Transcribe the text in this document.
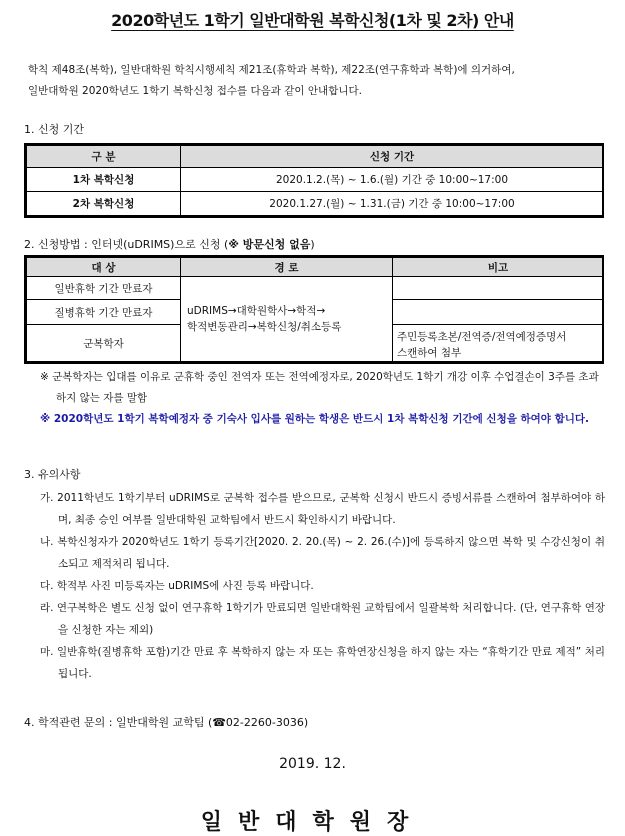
2020학년도 1학기 일반대학원 복학신청(1차 및 2차) 안내
학칙 제48조(복학), 일반대학원 학칙시행세칙 제21조(휴학과 복학), 제22조(연구휴학과 복학)에 의거하여,
일반대학원 2020학년도 1학기 복학신청 접수를 다음과 같이 안내합니다.
1. 신청 기간
구 분	신청 기간
1차 복학신청	2020.1.2.(목) ~ 1.6.(월) 기간 중 10:00~17:00
2차 복학신청	2020.1.27.(월) ~ 1.31.(금) 기간 중 10:00~17:00
2. 신청방법 : 인터넷(uDRIMS)으로 신청 (※ 방문신청 없음)
대 상	경 로	비고
일반휴학 기간 만료자	uDRIMS→대학원학사→학적→
학적변동관리→복학신청/취소등록	

질병휴학 기간 만료자		
군복학자		주민등록초본/전역증/전역예정증명서
스캔하여 첨부

※ 군복학자는 입대를 이유로 군휴학 중인 전역자 또는 전역예정자로, 2020학년도 1학기 개강 이후 수업결손이 3주를 초과하지 않는 자를 말함

※ 2020학년도 1학기 복학예정자 중 기숙사 입사를 원하는 학생은 반드시 1차 복학신청 기간에 신청을 하여야 합니다.

3. 유의사항

가. 2011학년도 1학기부터 uDRIMS로 군복학 접수를 받으므로, 군복학 신청시 반드시 증빙서류를 스캔하여 첨부하여야 하며, 최종 승인 여부를 일반대학원 교학팀에서 반드시 확인하시기 바랍니다.

나. 복학신청자가 2020학년도 1학기 등록기간[2020. 2. 20.(목) ~ 2. 26.(수)]에 등록하지 않으면 복학 및 수강신청이 취소되고 제적처리 됩니다.

다. 학적부 사진 미등록자는 uDRIMS에 사진 등록 바랍니다.

라. 연구복학은 별도 신청 없이 연구휴학 1학기가 만료되면 일반대학원 교학팀에서 일괄복학 처리합니다. (단, 연구휴학 연장을 신청한 자는 제외)

마. 일반휴학(질병휴학 포함)기간 만료 후 복학하지 않는 자 또는 휴학연장신청을 하지 않는 자는 “휴학기간 만료 제적” 처리됩니다.

4. 학적관련 문의 : 일반대학원 교학팀 (☎02-2260-3036)
2019. 12.
일반대학원장
